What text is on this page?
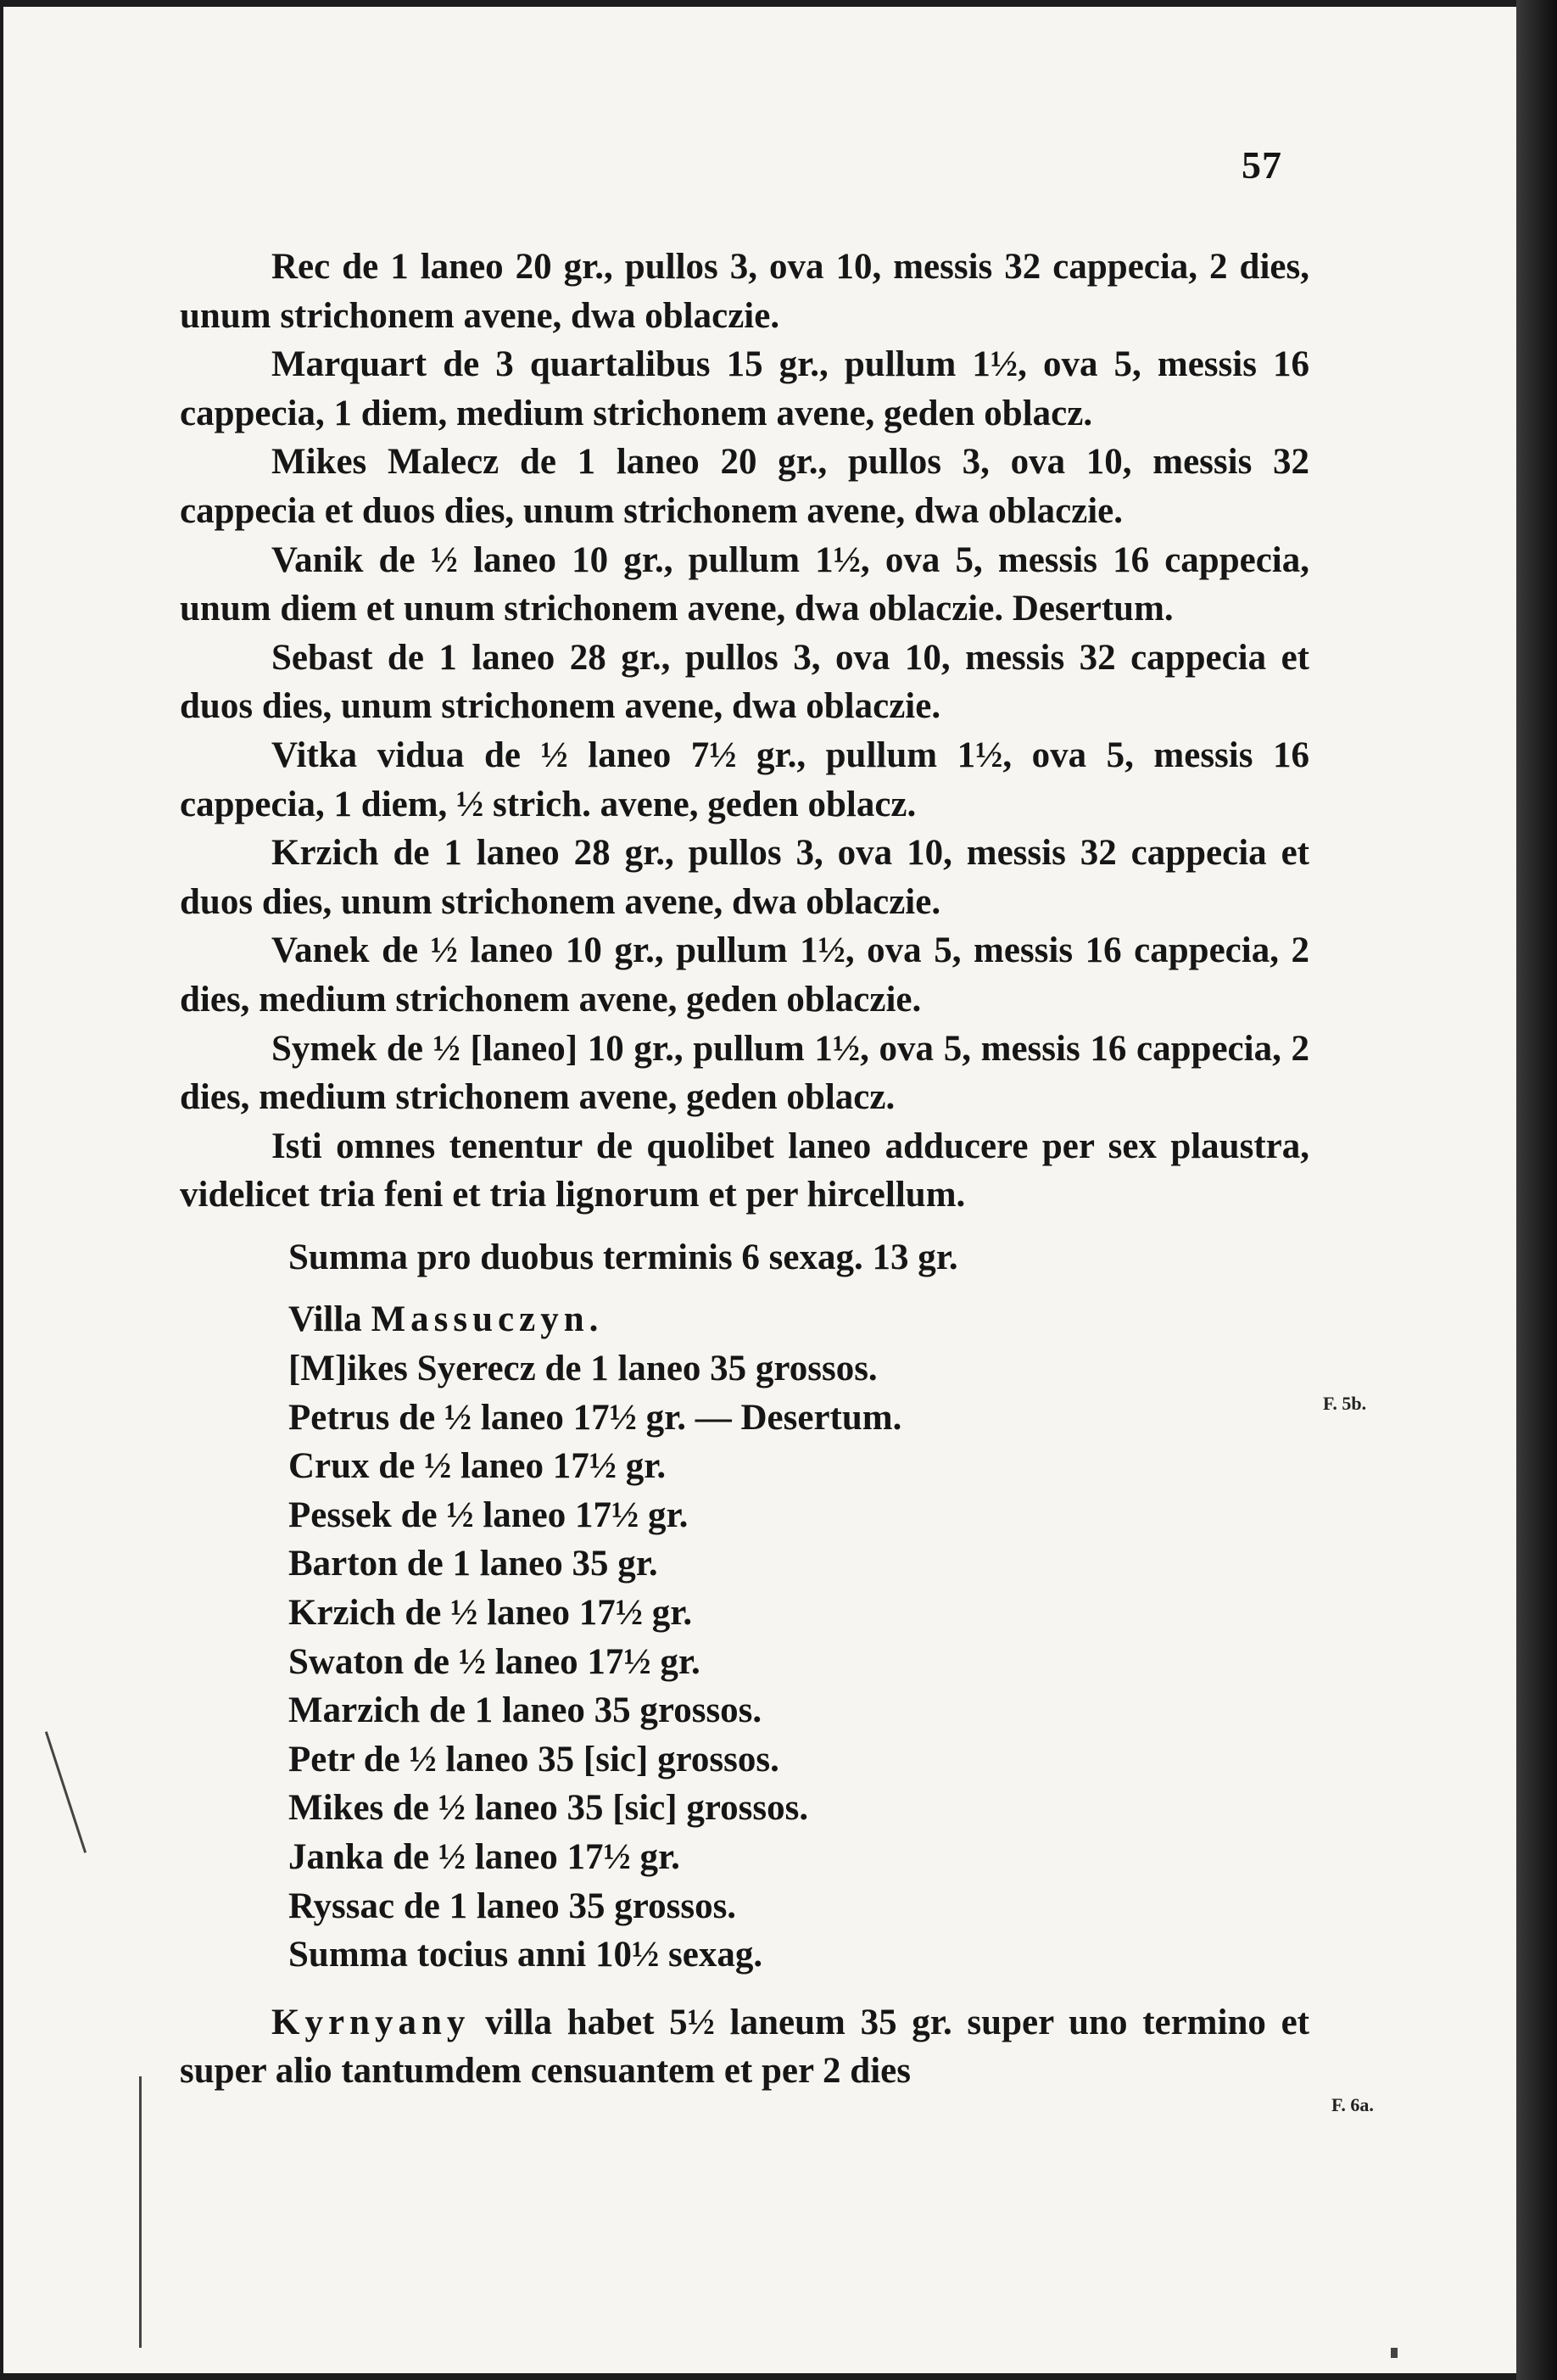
57

Rec de 1 laneo 20 gr., pullos 3, ova 10, messis 32 cappecia, 2 dies, unum strichonem avene, dwa oblaczie.

Marquart de 3 quartalibus 15 gr., pullum 1½, ova 5, messis 16 cappecia, 1 diem, medium strichonem avene, geden oblacz.

Mikes Malecz de 1 laneo 20 gr., pullos 3, ova 10, messis 32 cappecia et duos dies, unum strichonem avene, dwa oblaczie.

Vanik de ½ laneo 10 gr., pullum 1½, ova 5, messis 16 cappecia, unum diem et unum strichonem avene, dwa oblaczie. Desertum.

Sebast de 1 laneo 28 gr., pullos 3, ova 10, messis 32 cappecia et duos dies, unum strichonem avene, dwa oblaczie.

Vitka vidua de ½ laneo 7½ gr., pullum 1½, ova 5, messis 16 cappecia, 1 diem, ½ strich. avene, geden oblacz.

Krzich de 1 laneo 28 gr., pullos 3, ova 10, messis 32 cappecia et duos dies, unum strichonem avene, dwa oblaczie.

Vanek de ½ laneo 10 gr., pullum 1½, ova 5, messis 16 cappecia, 2 dies, medium strichonem avene, geden oblaczie.

Symek de ½ [laneo] 10 gr., pullum 1½, ova 5, messis 16 cappecia, 2 dies, medium strichonem avene, geden oblacz.

Isti omnes tenentur de quolibet laneo adducere per sex plaustra, videlicet tria feni et tria lignorum et per hircellum.

Summa pro duobus terminis 6 sexag. 13 gr.

Villa Massuczyn.

[M]ikes Syerecz de 1 laneo 35 grossos.

Petrus de ½ laneo 17½ gr. — Desertum.

Crux de ½ laneo 17½ gr.

Pessek de ½ laneo 17½ gr.

Barton de 1 laneo 35 gr.

Krzich de ½ laneo 17½ gr.

Swaton de ½ laneo 17½ gr.

Marzich de 1 laneo 35 grossos.

Petr de ½ laneo 35 [sic] grossos.

Mikes de ½ laneo 35 [sic] grossos.

Janka de ½ laneo 17½ gr.

Ryssac de 1 laneo 35 grossos.

Summa tocius anni 10½ sexag.

Kyrnyany villa habet 5½ laneum 35 gr. super uno termino et super alio tantumdem censuantem et per 2 dies

F. 5b.
F. 6a.
